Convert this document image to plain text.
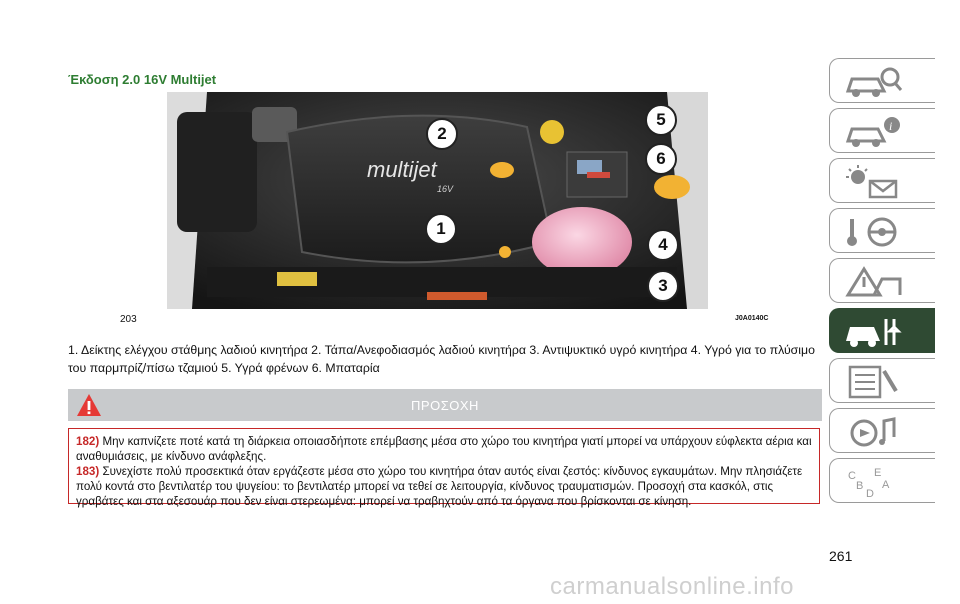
Έκδοση 2.0 16V Multijet
multijet
16V
2
5
6
1
4
3
203	J0A0140C
1. Δείκτης ελέγχου στάθμης λαδιού κινητήρα 2. Τάπα/Ανεφοδιασμός λαδιού κινητήρα 3. Αντιψυκτικό υγρό κινητήρα 4. Υγρό για το πλύσιμο του παρμπρίζ/πίσω τζαμιού 5. Υγρά φρένων 6. Μπαταρία
ΠΡΟΣΟΧΗ

182) Μην καπνίζετε ποτέ κατά τη διάρκεια οποιασδήποτε επέμβασης μέσα στο χώρο του κινητήρα γιατί μπορεί να υπάρχουν εύφλεκτα αέρια και αναθυμιάσεις, με κίνδυνο ανάφλεξης.

183) Συνεχίστε πολύ προσεκτικά όταν εργάζεστε μέσα στο χώρο του κινητήρα όταν αυτός είναι ζεστός: κίνδυνος εγκαυμάτων. Μην πλησιάζετε πολύ κοντά στο βεντιλατέρ του ψυγείου: το βεντιλατέρ μπορεί να τεθεί σε λειτουργία, κίνδυνος τραυματισμών. Προσοχή στα κασκόλ, στις γραβάτες και στα αξεσουάρ που δεν είναι στερεωμένα: μπορεί να τραβηχτούν από τα όργανα που βρίσκονται σε κίνηση.

i
C E
B A
D
261
carmanualsonline.info
